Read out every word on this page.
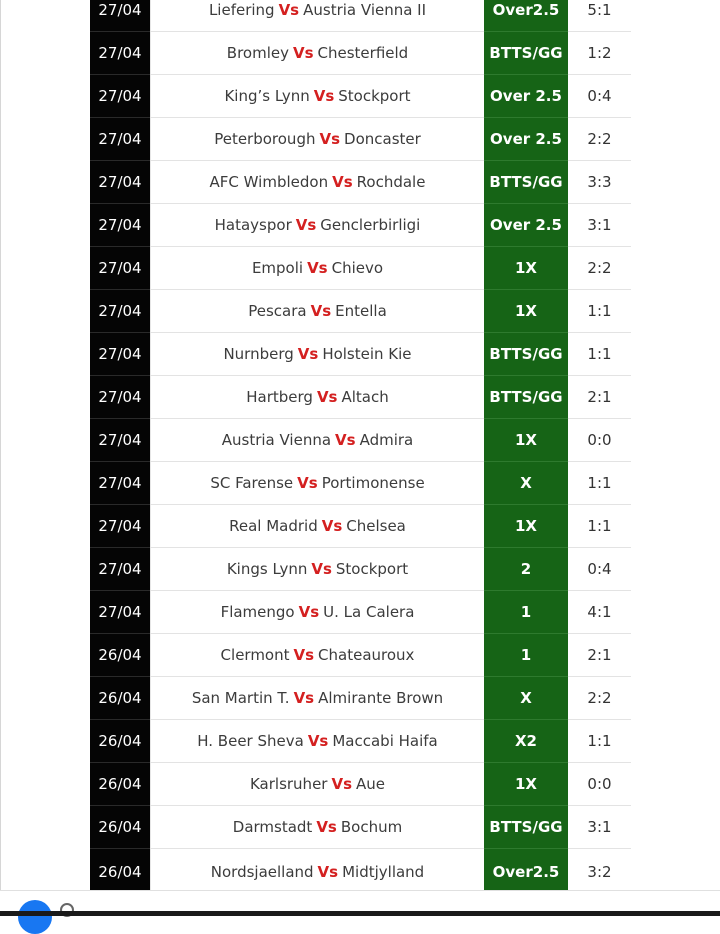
27/04	Liefering Vs Austria Vienna II	Over2.5	5:1
27/04	Bromley Vs Chesterfield	BTTS/GG	1:2
27/04	King’s Lynn Vs Stockport	Over 2.5	0:4
27/04	Peterborough Vs Doncaster	Over 2.5	2:2
27/04	AFC Wimbledon Vs Rochdale	BTTS/GG	3:3
27/04	Hatayspor Vs Genclerbirligi	Over 2.5	3:1
27/04	Empoli Vs Chievo	1X	2:2
27/04	Pescara Vs Entella	1X	1:1
27/04	Nurnberg Vs Holstein Kie	BTTS/GG	1:1
27/04	Hartberg Vs Altach	BTTS/GG	2:1
27/04	Austria Vienna Vs Admira	1X	0:0
27/04	SC Farense Vs Portimonense	X	1:1
27/04	Real Madrid Vs Chelsea	1X	1:1
27/04	Kings Lynn Vs Stockport	2	0:4
27/04	Flamengo Vs U. La Calera	1	4:1
26/04	Clermont Vs Chateauroux	1	2:1
26/04	San Martin T. Vs Almirante Brown	X	2:2
26/04	H. Beer Sheva Vs Maccabi Haifa	X2	1:1
26/04	Karlsruher Vs Aue	1X	0:0
26/04	Darmstadt Vs Bochum	BTTS/GG	3:1
26/04	Nordsjaelland Vs Midtjylland	Over2.5	3:2
